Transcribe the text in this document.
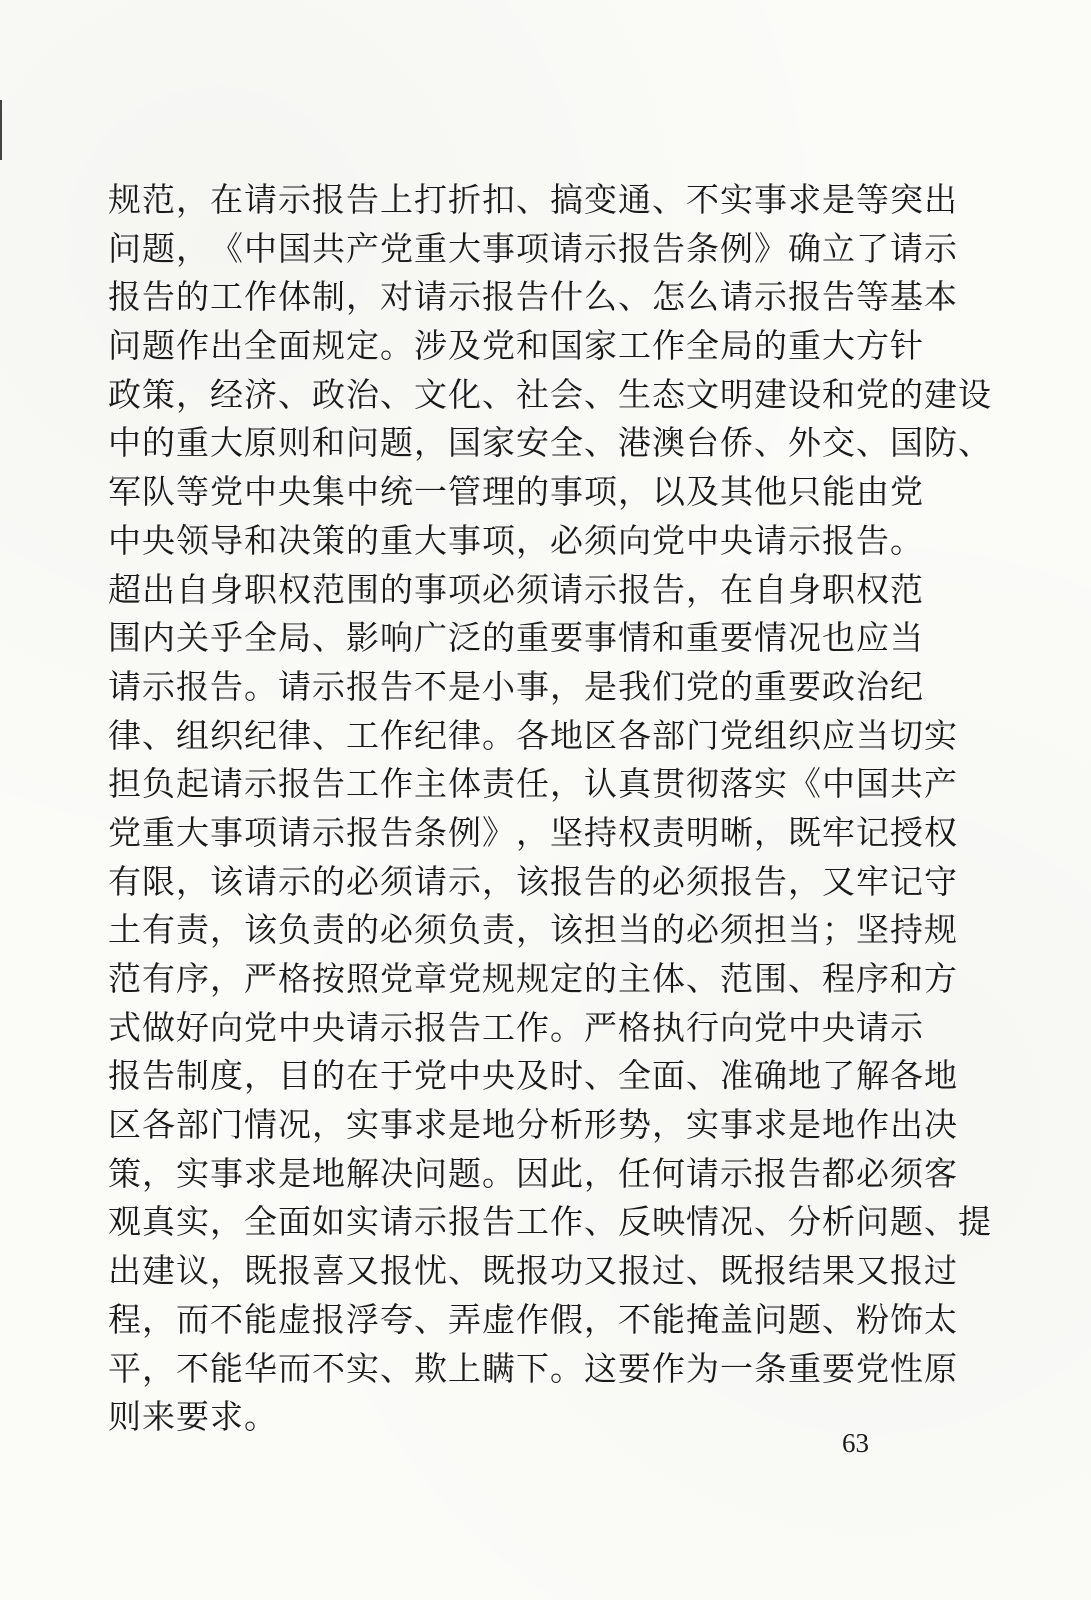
规 范 ， 在 请 示 报 告 上 打 折 扣 、 搞 变 通 、 不 实 事 求 是 等 突 出
问 题 ， 《 中 国 共 产 党 重 大 事 项 请 示 报 告 条 例 》 确 立 了 请 示
报 告 的 工 作 体 制 ， 对 请 示 报 告 什 么 、 怎 么 请 示 报 告 等 基 本
问 题 作 出 全 面 规 定 。 涉 及 党 和 国 家 工 作 全 局 的 重 大 方 针
政 策 ， 经 济 、 政 治 、 文 化 、 社 会 、 生 态 文 明 建 设 和 党 的 建 设
中 的 重 大 原 则 和 问 题 ， 国 家 安 全 、 港 澳 台 侨 、 外 交 、 国 防 、
军 队 等 党 中 央 集 中 统 一 管 理 的 事 项 ， 以 及 其 他 只 能 由 党
中 央 领 导 和 决 策 的 重 大 事 项 ， 必 须 向 党 中 央 请 示 报 告 。
超 出 自 身 职 权 范 围 的 事 项 必 须 请 示 报 告 ， 在 自 身 职 权 范
围 内 关 乎 全 局 、 影 响 广 泛 的 重 要 事 情 和 重 要 情 况 也 应 当
请 示 报 告 。 请 示 报 告 不 是 小 事 ， 是 我 们 党 的 重 要 政 治 纪
律 、 组 织 纪 律 、 工 作 纪 律 。 各 地 区 各 部 门 党 组 织 应 当 切 实
担 负 起 请 示 报 告 工 作 主 体 责 任 ， 认 真 贯 彻 落 实 《 中 国 共 产
党 重 大 事 项 请 示 报 告 条 例 》 ， 坚 持 权 责 明 晰 ， 既 牢 记 授 权
有 限 ， 该 请 示 的 必 须 请 示 ， 该 报 告 的 必 须 报 告 ， 又 牢 记 守
土 有 责 ， 该 负 责 的 必 须 负 责 ， 该 担 当 的 必 须 担 当 ； 坚 持 规
范 有 序 ， 严 格 按 照 党 章 党 规 规 定 的 主 体 、 范 围 、 程 序 和 方
式 做 好 向 党 中 央 请 示 报 告 工 作 。 严 格 执 行 向 党 中 央 请 示
报 告 制 度 ， 目 的 在 于 党 中 央 及 时 、 全 面 、 准 确 地 了 解 各 地
区 各 部 门 情 况 ， 实 事 求 是 地 分 析 形 势 ， 实 事 求 是 地 作 出 决
策 ， 实 事 求 是 地 解 决 问 题 。 因 此 ， 任 何 请 示 报 告 都 必 须 客
观 真 实 ， 全 面 如 实 请 示 报 告 工 作 、 反 映 情 况 、 分 析 问 题 、 提
出 建 议 ， 既 报 喜 又 报 忧 、 既 报 功 又 报 过 、 既 报 结 果 又 报 过
程 ， 而 不 能 虚 报 浮 夸 、 弄 虚 作 假 ， 不 能 掩 盖 问 题 、 粉 饰 太
平 ， 不 能 华 而 不 实 、 欺 上 瞒 下 。 这 要 作 为 一 条 重 要 党 性 原
则来要求。
63
